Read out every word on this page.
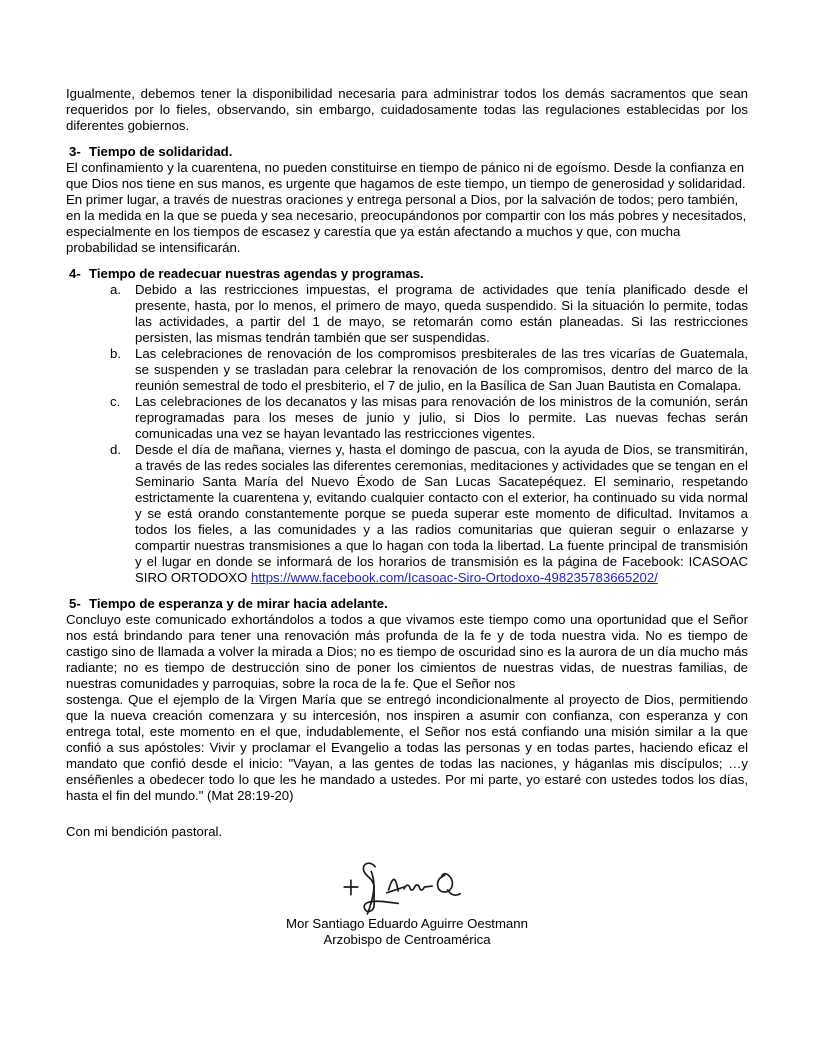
Igualmente, debemos tener la disponibilidad necesaria para administrar todos los demás sacramentos que sean requeridos por lo fieles, observando, sin embargo, cuidadosamente todas las regulaciones establecidas por los diferentes gobiernos.

3- Tiempo de solidaridad.

El confinamiento y la cuarentena, no pueden constituirse en tiempo de pánico ni de egoísmo. Desde la confianza en que Dios nos tiene en sus manos, es urgente que hagamos de este tiempo, un tiempo de generosidad y solidaridad. En primer lugar, a través de nuestras oraciones y entrega personal a Dios, por la salvación de todos; pero también, en la medida en la que se pueda y sea necesario, preocupándonos por compartir con los más pobres y necesitados, especialmente en los tiempos de escasez y carestía que ya están afectando a muchos y que, con mucha probabilidad se intensificarán.

4- Tiempo de readecuar nuestras agendas y programas.

a. Debido a las restricciones impuestas, el programa de actividades que tenía planificado desde el presente, hasta, por lo menos, el primero de mayo, queda suspendido. Si la situación lo permite, todas las actividades, a partir del 1 de mayo, se retomarán como están planeadas. Si las restricciones persisten, las mismas tendrán también que ser suspendidas.
b. Las celebraciones de renovación de los compromisos presbiterales de las tres vicarías de Guatemala, se suspenden y se trasladan para celebrar la renovación de los compromisos, dentro del marco de la reunión semestral de todo el presbiterio, el 7 de julio, en la Basílica de San Juan Bautista en Comalapa.
c. Las celebraciones de los decanatos y las misas para renovación de los ministros de la comunión, serán reprogramadas para los meses de junio y julio, si Dios lo permite. Las nuevas fechas serán comunicadas una vez se hayan levantado las restricciones vigentes.
d. Desde el día de mañana, viernes y, hasta el domingo de pascua, con la ayuda de Dios, se transmitirán, a través de las redes sociales las diferentes ceremonias, meditaciones y actividades que se tengan en el Seminario Santa María del Nuevo Éxodo de San Lucas Sacatepéquez. El seminario, respetando estrictamente la cuarentena y, evitando cualquier contacto con el exterior, ha continuado su vida normal y se está orando constantemente porque se pueda superar este momento de dificultad. Invitamos a todos los fieles, a las comunidades y a las radios comunitarias que quieran seguir o enlazarse y compartir nuestras transmisiones a que lo hagan con toda la libertad. La fuente principal de transmisión y el lugar en donde se informará de los horarios de transmisión es la página de Facebook: ICASOAC SIRO ORTODOXO https://www.facebook.com/Icasoac-Siro-Ortodoxo-498235783665202/

5- Tiempo de esperanza y de mirar hacia adelante.

Concluyo este comunicado exhortándolos a todos a que vivamos este tiempo como una oportunidad que el Señor nos está brindando para tener una renovación más profunda de la fe y de toda nuestra vida. No es tiempo de castigo sino de llamada a volver la mirada a Dios; no es tiempo de oscuridad sino es la aurora de un día mucho más radiante; no es tiempo de destrucción sino de poner los cimientos de nuestras vidas, de nuestras familias, de nuestras comunidades y parroquias, sobre la roca de la fe. Que el Señor nos
sostenga. Que el ejemplo de la Virgen María que se entregó incondicionalmente al proyecto de Dios, permitiendo que la nueva creación comenzara y su intercesión, nos inspiren a asumir con confianza, con esperanza y con entrega total, este momento en el que, indudablemente, el Señor nos está confiando una misión similar a la que confió a sus apóstoles: Vivir y proclamar el Evangelio a todas las personas y en todas partes, haciendo eficaz el mandato que confió desde el inicio: "Vayan, a las gentes de todas las naciones, y háganlas mis discípulos; …y enséñenles a obedecer todo lo que les he mandado a ustedes. Por mi parte, yo estaré con ustedes todos los días, hasta el fin del mundo." (Mat 28:19-20)

Con mi bendición pastoral.

Mor Santiago Eduardo Aguirre Oestmann

Arzobispo de Centroamérica
